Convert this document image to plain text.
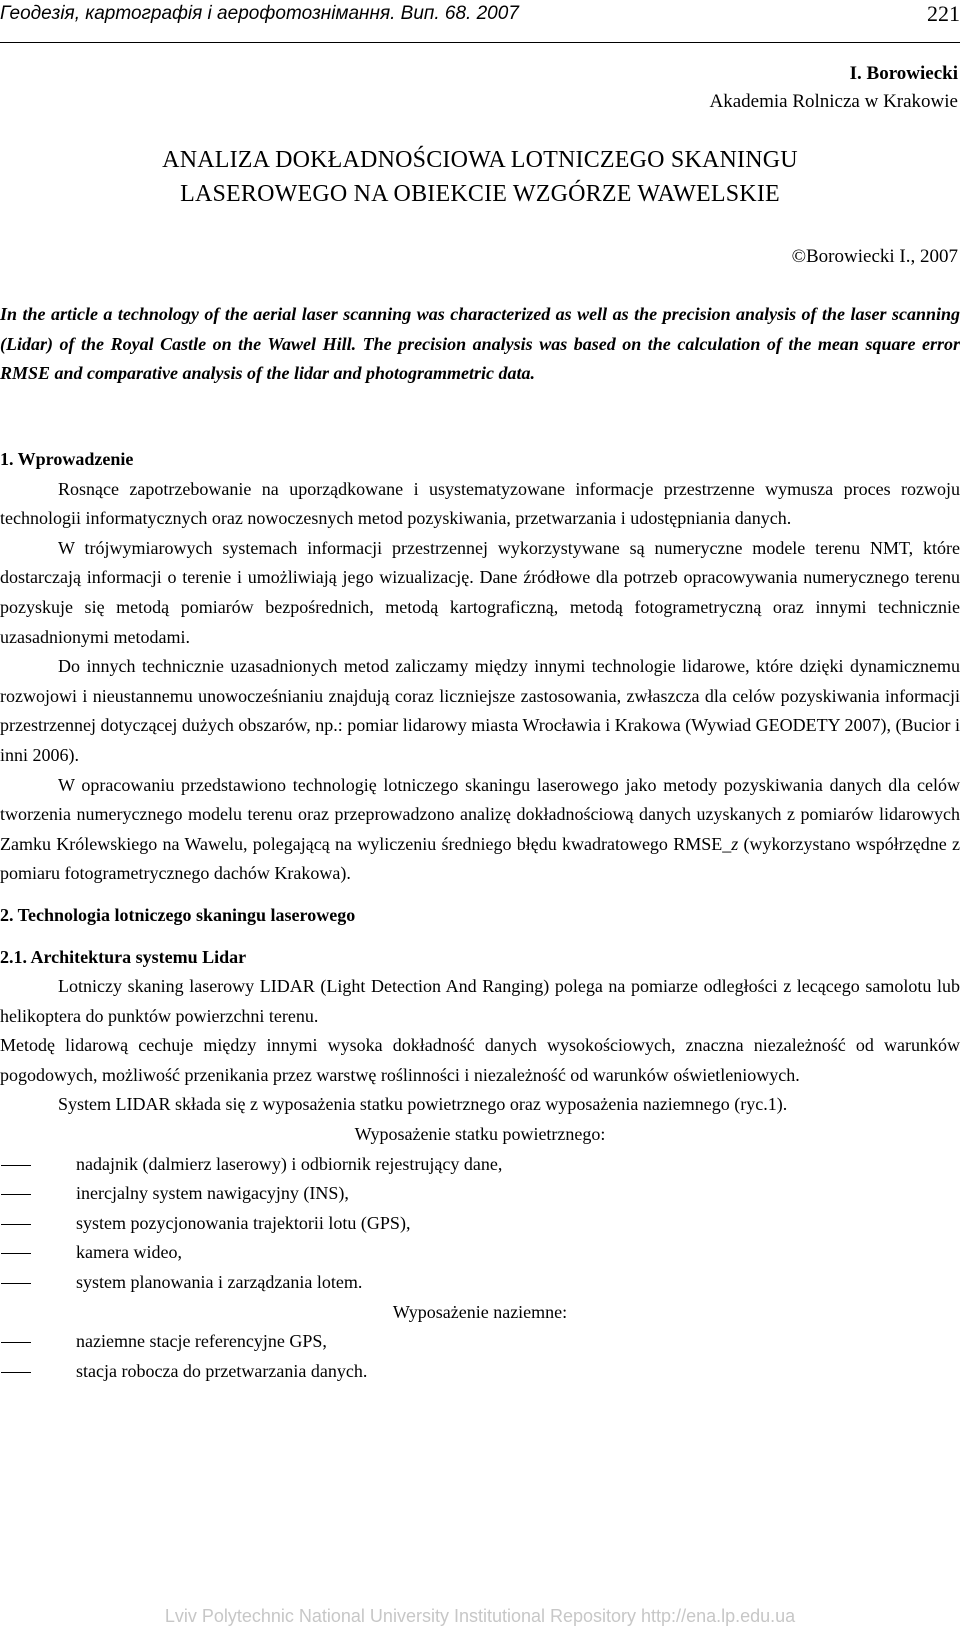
Геодезія, картографія і аерофотознімання. Вип. 68. 2007	221
I. Borowiecki
Akademia Rolnicza w Krakowie
ANALIZA DOKŁADNOŚCIOWA LOTNICZEGO SKANINGU
LASEROWEGO NA OBIEKCIE WZGÓRZE WAWELSKIE
©Borowiecki I., 2007

In the article a technology of the aerial laser scanning was characterized as well as the precision analysis of the laser scanning (Lidar) of the Royal Castle on the Wawel Hill. The precision analysis was based on the calculation of the mean square error RMSE and comparative analysis of the lidar and photogrammetric data.

1. Wprowadzenie

Rosnące zapotrzebowanie na uporządkowane i usystematyzowane informacje przestrzenne wymusza proces rozwoju technologii informatycznych oraz nowoczesnych metod pozyskiwania, przetwarzania i udostępniania danych.

W trójwymiarowych systemach informacji przestrzennej wykorzystywane są numeryczne modele terenu NMT, które dostarczają informacji o terenie i umożliwiają jego wizualizację. Dane źródłowe dla potrzeb opracowywania numerycznego terenu pozyskuje się metodą pomiarów bezpośrednich, metodą kartograficzną, metodą fotogrametryczną oraz innymi technicznie uzasadnionymi metodami.

Do innych technicznie uzasadnionych metod zaliczamy między innymi technologie lidarowe, które dzięki dynamicznemu rozwojowi i nieustannemu unowocześnianiu znajdują coraz liczniejsze zastosowania, zwłaszcza dla celów pozyskiwania informacji przestrzennej dotyczącej dużych obszarów, np.: pomiar lidarowy miasta Wrocławia i Krakowa (Wywiad GEODETY 2007), (Bucior i inni 2006).

W opracowaniu przedstawiono technologię lotniczego skaningu laserowego jako metody pozyskiwania danych dla celów tworzenia numerycznego modelu terenu oraz przeprowadzono analizę dokładnościową danych uzyskanych z pomiarów lidarowych Zamku Królewskiego na Wawelu, polegającą na wyliczeniu średniego błędu kwadratowego RMSE_z (wykorzystano współrzędne z pomiaru fotogrametrycznego dachów Krakowa).

2. Technologia lotniczego skaningu laserowego

2.1. Architektura systemu Lidar

Lotniczy skaning laserowy LIDAR (Light Detection And Ranging) polega na pomiarze odległości z lecącego samolotu lub helikoptera do punktów powierzchni terenu.

Metodę lidarową cechuje między innymi wysoka dokładność danych wysokościowych, znaczna niezależność od warunków pogodowych, możliwość przenikania przez warstwę roślinności i niezależność od warunków oświetleniowych.

System LIDAR składa się z wyposażenia statku powietrznego oraz wyposażenia naziemnego (ryc.1).

Wyposażenie statku powietrznego:

nadajnik (dalmierz laserowy) i odbiornik rejestrujący dane,
inercjalny system nawigacyjny (INS),
system pozycjonowania trajektorii lotu (GPS),
kamera wideo,
system planowania i zarządzania lotem.

Wyposażenie naziemne:

naziemne stacje referencyjne GPS,
stacja robocza do przetwarzania danych.
Lviv Polytechnic National University Institutional Repository http://ena.lp.edu.ua
